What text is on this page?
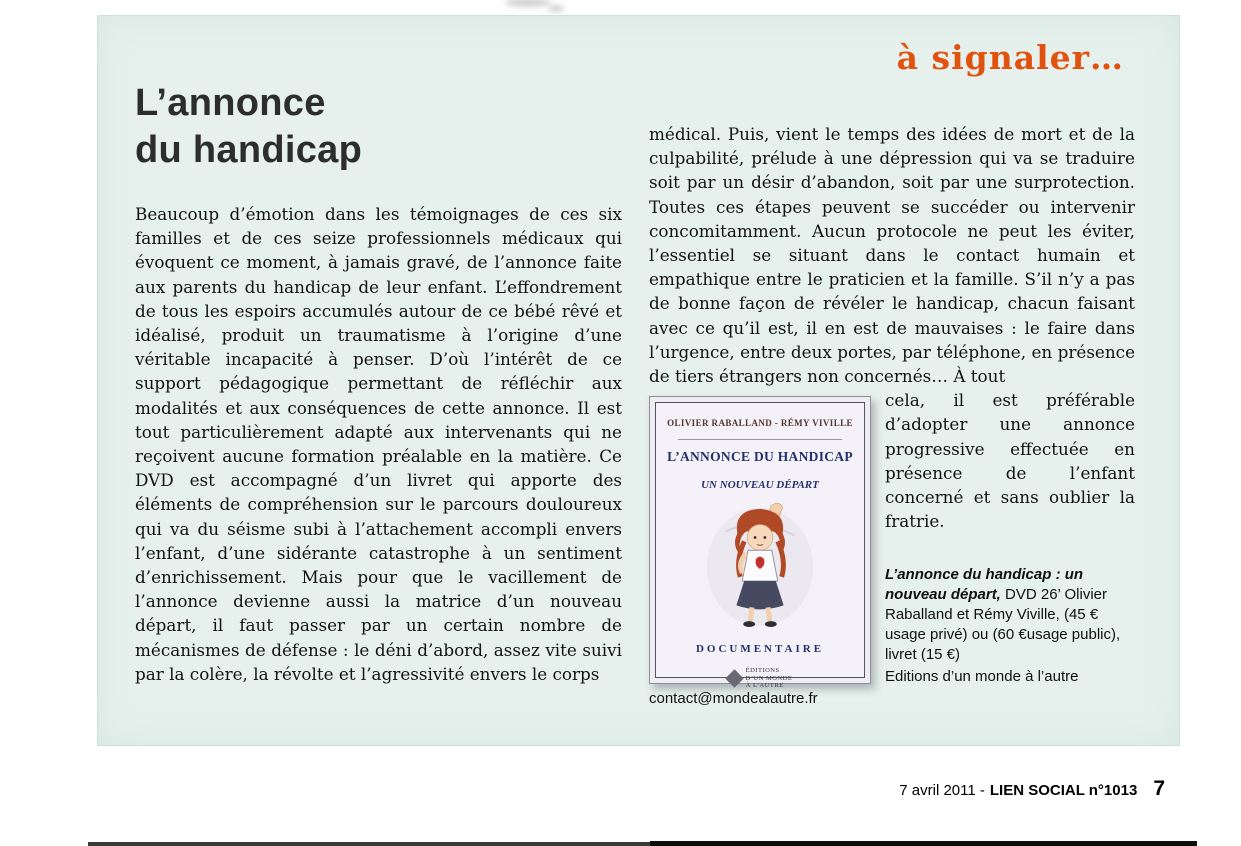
à signaler…
L’annonce
du handicap
Beaucoup d’émotion dans les témoignages de ces six familles et de ces seize professionnels médicaux qui évoquent ce moment, à jamais gravé, de l’annonce faite aux parents du handicap de leur enfant. L’effondrement de tous les espoirs accumulés autour de ce bébé rêvé et idéalisé, produit un traumatisme à l’origine d’une véritable incapacité à penser. D’où l’intérêt de ce support pédagogique permettant de réfléchir aux modalités et aux conséquences de cette annonce. Il est tout particulièrement adapté aux intervenants qui ne reçoivent aucune formation préalable en la matière. Ce DVD est accompagné d’un livret qui apporte des éléments de compréhension sur le parcours douloureux qui va du séisme subi à l’attachement accompli envers l’enfant, d’une sidérante catastrophe à un sentiment d’enrichissement. Mais pour que le vacillement de l’annonce devienne aussi la matrice d’un nouveau départ, il faut passer par un certain nombre de mécanismes de défense : le déni d’abord, assez vite suivi par la colère, la révolte et l’agressivité envers le corps

médical. Puis, vient le temps des idées de mort et de la culpabilité, prélude à une dépression qui va se traduire soit par un désir d’abandon, soit par une surprotection. Toutes ces étapes peuvent se succéder ou intervenir concomitamment. Aucun protocole ne peut les éviter, l’essentiel se situant dans le contact humain et empathique entre le praticien et la famille. S’il n’y a pas de bonne façon de révéler le handicap, chacun faisant avec ce qu’il est, il en est de mauvaises : le faire dans l’urgence, entre deux portes, par téléphone, en présence de tiers étrangers non concernés… À tout

OLIVIER RABALLAND - RÉMY VIVILLE
L’ANNONCE DU HANDICAP
UN NOUVEAU DÉPART
DOCUMENTAIRE
ÉDITIONS
D’UN MONDE
À L’AUTRE

cela, il est préférable d’adopter une annonce progressive effectuée en présence de l’enfant concerné et sans oublier la fratrie.

L’annonce du handicap : un nouveau départ, DVD 26’ Olivier Raballand et Rémy Viville, (45 € usage privé) ou (60 €usage public), livret (15 €)

Editions d’un monde à l’autre

contact@mondealautre.fr

7 avril 2011 - LIEN SOCIAL n°1013 7
